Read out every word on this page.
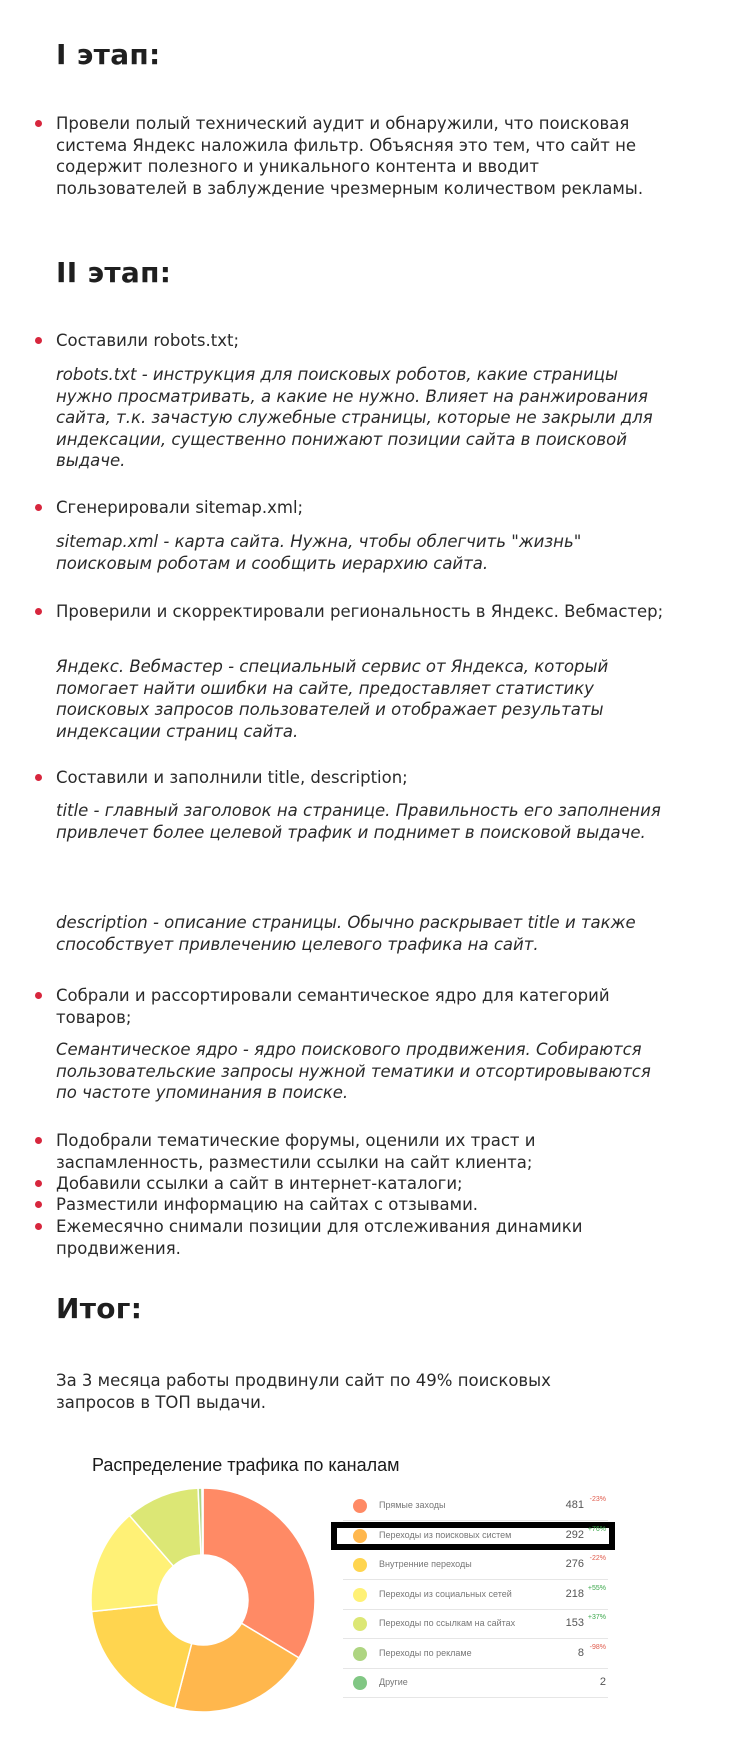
I этап:
Провели полый технический аудит и обнаружили, что поисковая система Яндекс наложила фильтр. Объясняя это тем, что сайт не содержит полезного и уникального контента и вводит пользователей в заблуждение чрезмерным количеством рекламы.
II этап:
Составили robots.txt;
robots.txt - инструкция для поисковых роботов, какие страницы нужно просматривать, а какие не нужно. Влияет на ранжирования сайта, т.к. зачастую служебные страницы, которые не закрыли для индексации, существенно понижают позиции сайта в поисковой выдаче.
Сгенерировали sitemap.xml;
sitemap.xml - карта сайта. Нужна, чтобы облегчить "жизнь" поисковым роботам и сообщить иерархию сайта.
Проверили и скорректировали региональность в Яндекс. Вебмастер;
Яндекс. Вебмастер - специальный сервис от Яндекса, который помогает найти ошибки на сайте, предоставляет статистику поисковых запросов пользователей и отображает результаты индексации страниц сайта.
Составили и заполнили title, description;
title - главный заголовок на странице. Правильность его заполнения привлечет более целевой трафик и поднимет в поисковой выдаче.
description - описание страницы. Обычно раскрывает title и также способствует привлечению целевого трафика на сайт.
Собрали и рассортировали семантическое ядро для категорий товаров;
Семантическое ядро - ядро поискового продвижения. Собираются пользовательские запросы нужной тематики и отсортировываются по частоте упоминания в поиске.
Подобрали тематические форумы, оценили их траст и заспамленность, разместили ссылки на сайт клиента;
Добавили ссылки а сайт в интернет-каталоги;
Разместили информацию на сайтах с отзывами.
Ежемесячно снимали позиции для отслеживания динамики продвижения.
Итог:
За 3 месяца работы продвинули сайт по 49% поисковых запросов в ТОП выдачи.
Распределение трафика по каналам
Прямые заходы	481 -23%
Переходы из поисковых систем	292 +76%
Внутренние переходы	276 -22%
Переходы из социальных сетей	218 +55%
Переходы по ссылкам на сайтах	153 +37%
Переходы по рекламе	8 -98%
Другие	2
